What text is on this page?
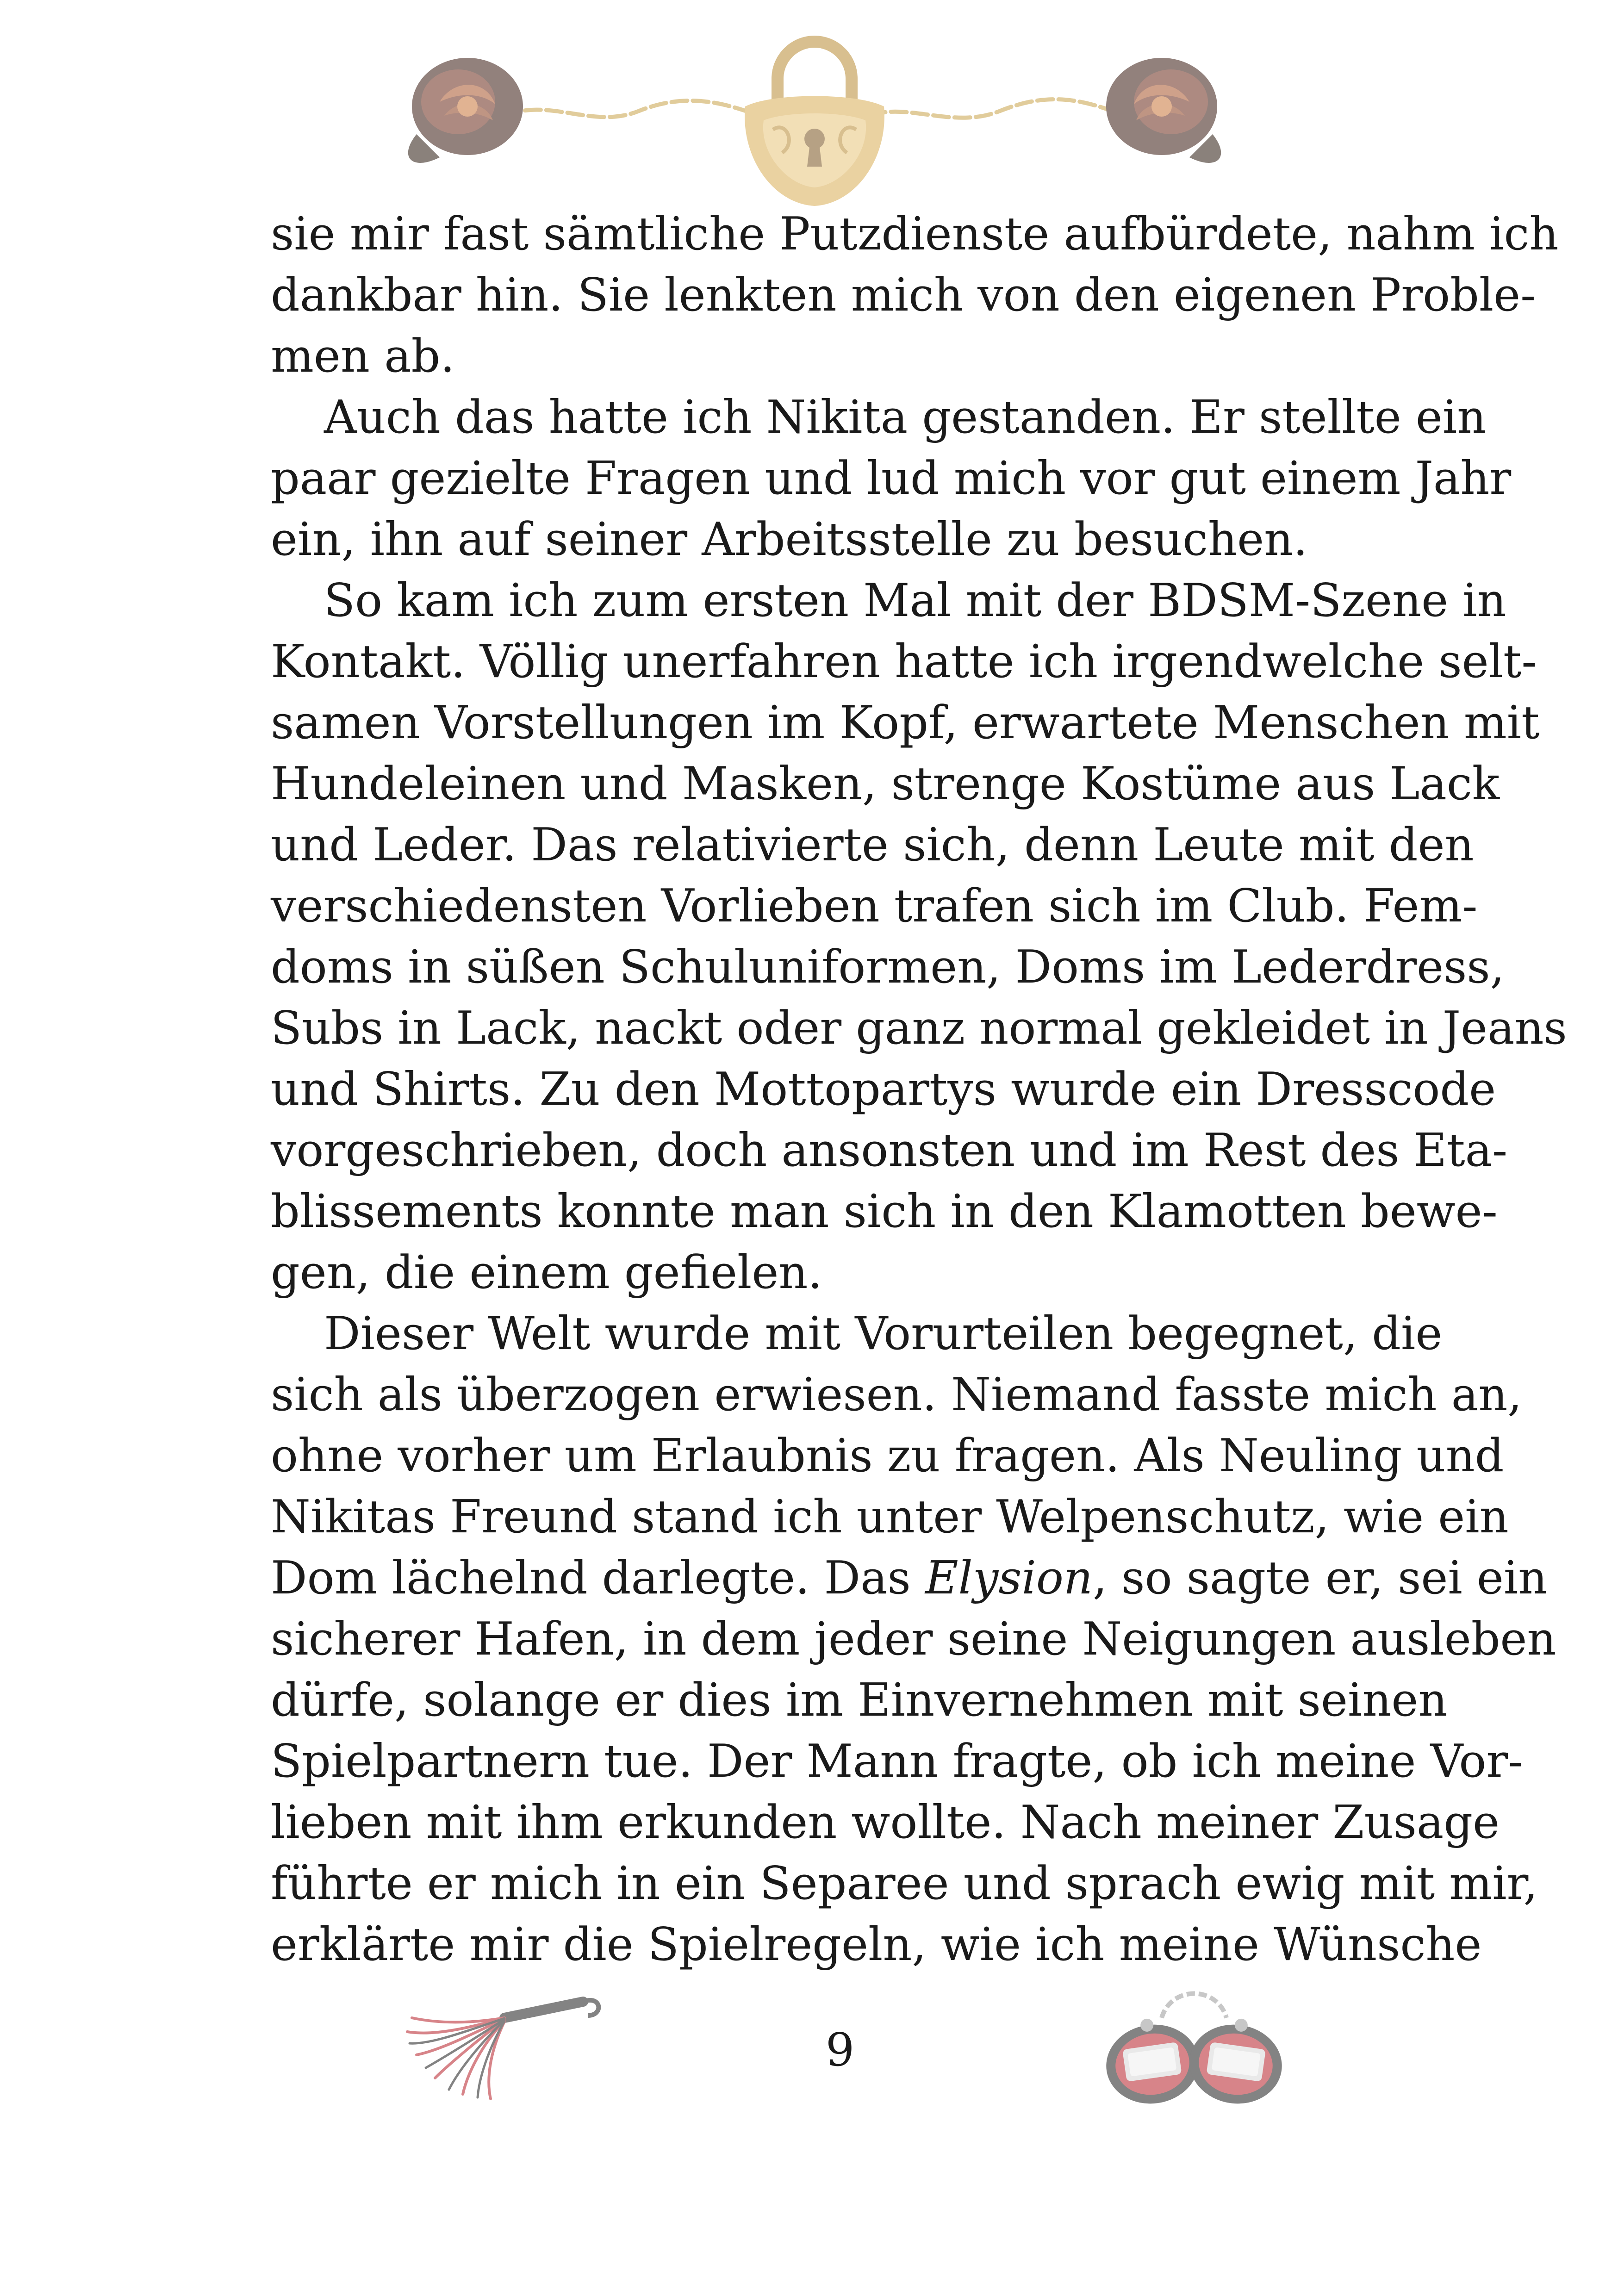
sie mir fast sämtliche Putzdienste aufbürdete, nahm ich
dankbar hin. Sie lenkten mich von den eigenen Proble-
men ab.
Auch das hatte ich Nikita gestanden. Er stellte ein
paar gezielte Fragen und lud mich vor gut einem Jahr
ein, ihn auf seiner Arbeitsstelle zu besuchen.
So kam ich zum ersten Mal mit der BDSM-Szene in
Kontakt. Völlig unerfahren hatte ich irgendwelche selt-
samen Vorstellungen im Kopf, erwartete Menschen mit
Hundeleinen und Masken, strenge Kostüme aus Lack
und Leder. Das relativierte sich, denn Leute mit den
verschiedensten Vorlieben trafen sich im Club. Fem-
doms in süßen Schuluniformen, Doms im Lederdress,
Subs in Lack, nackt oder ganz normal gekleidet in Jeans
und Shirts. Zu den Mottopartys wurde ein Dresscode
vorgeschrieben, doch ansonsten und im Rest des Eta-
blissements konnte man sich in den Klamotten bewe-
gen, die einem gefielen.
Dieser Welt wurde mit Vorurteilen begegnet, die
sich als überzogen erwiesen. Niemand fasste mich an,
ohne vorher um Erlaubnis zu fragen. Als Neuling und
Nikitas Freund stand ich unter Welpenschutz, wie ein
Dom lächelnd darlegte. Das Elysion, so sagte er, sei ein
sicherer Hafen, in dem jeder seine Neigungen ausleben
dürfe, solange er dies im Einvernehmen mit seinen
Spielpartnern tue. Der Mann fragte, ob ich meine Vor-
lieben mit ihm erkunden wollte. Nach meiner Zusage
führte er mich in ein Separee und sprach ewig mit mir,
erklärte mir die Spielregeln, wie ich meine Wünsche
9
